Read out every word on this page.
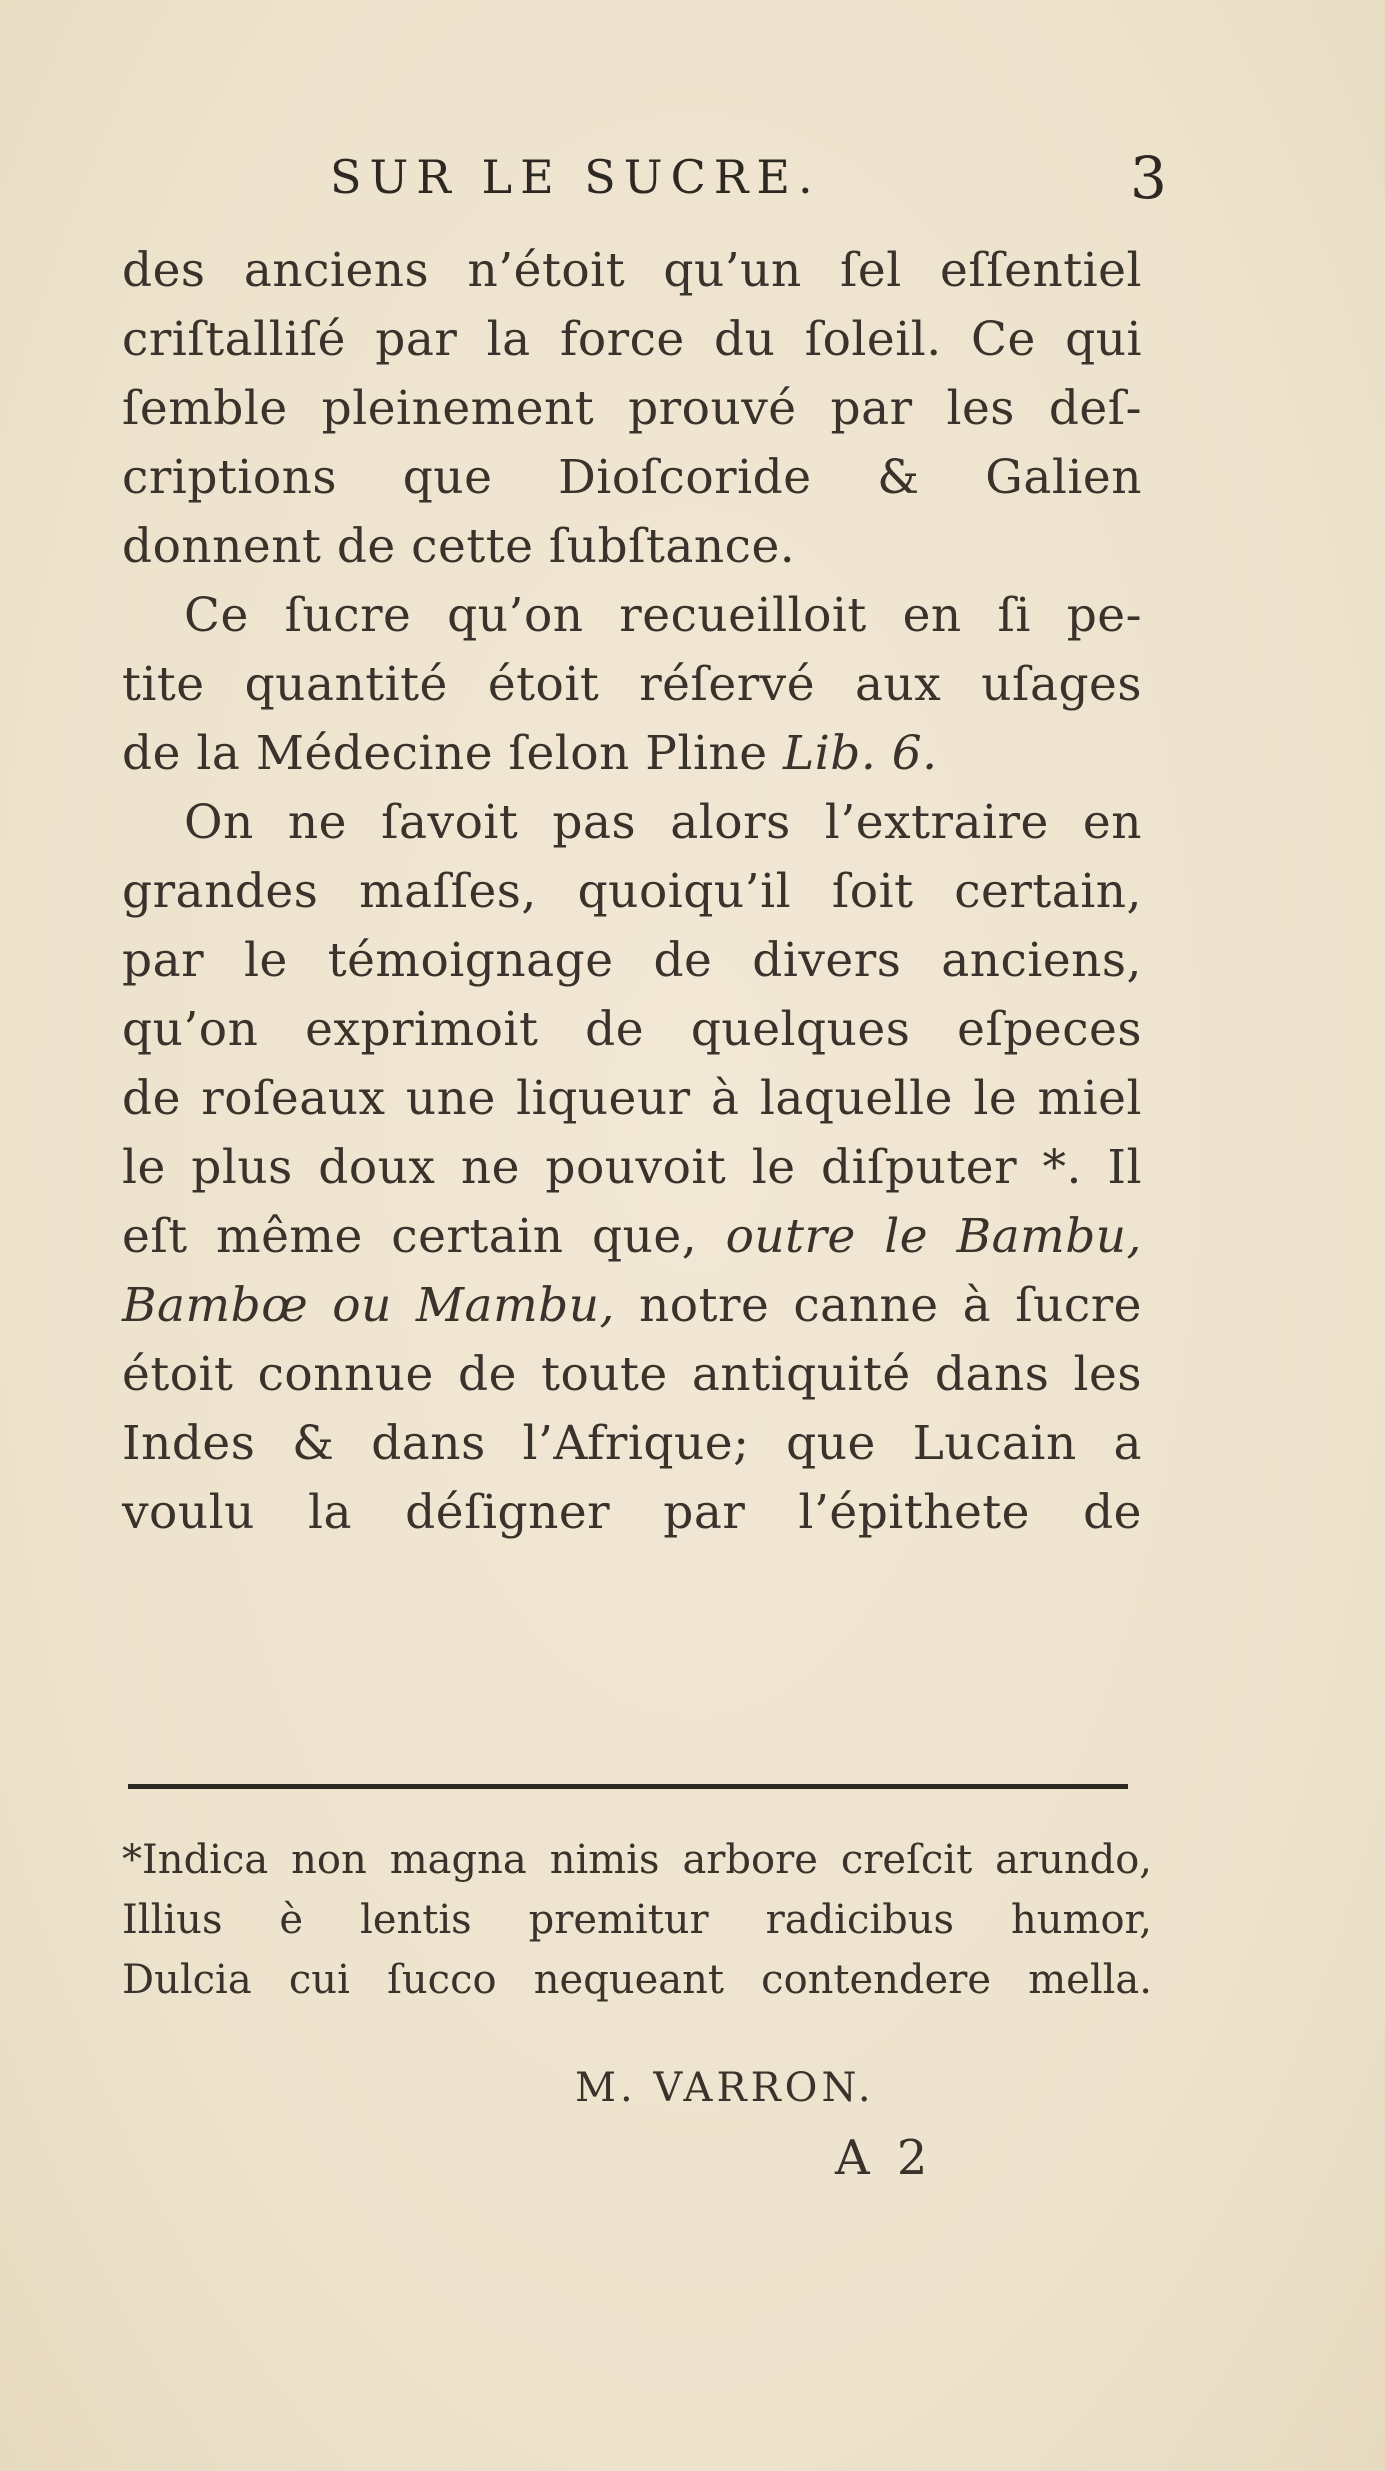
SUR LE SUCRE.	3
des anciens n’étoit qu’un ſel eſſentiel
criſtalliſé par la force du ſoleil. Ce qui
ſemble pleinement prouvé par les deſ-
criptions que Dioſcoride & Galien
donnent de cette ſubſtance.
Ce ſucre qu’on recueilloit en ſi pe-
tite quantité étoit réſervé aux uſages
de la Médecine ſelon Pline Lib. 6.
On ne ſavoit pas alors l’extraire en
grandes maſſes, quoiqu’il ſoit certain,
par le témoignage de divers anciens,
qu’on exprimoit de quelques eſpeces
de roſeaux une liqueur à laquelle le miel
le plus doux ne pouvoit le diſputer *. Il
eſt même certain que, outre le Bambu,
Bambœ ou Mambu, notre canne à ſucre
étoit connue de toute antiquité dans les
Indes & dans l’Afrique; que Lucain a
voulu la déſigner par l’épithete de
*Indica non magna nimis arbore creſcit arundo,
Illius è lentis premitur radicibus humor,
Dulcia cui ſucco nequeant contendere mella.
M. VARRON.
A 2
